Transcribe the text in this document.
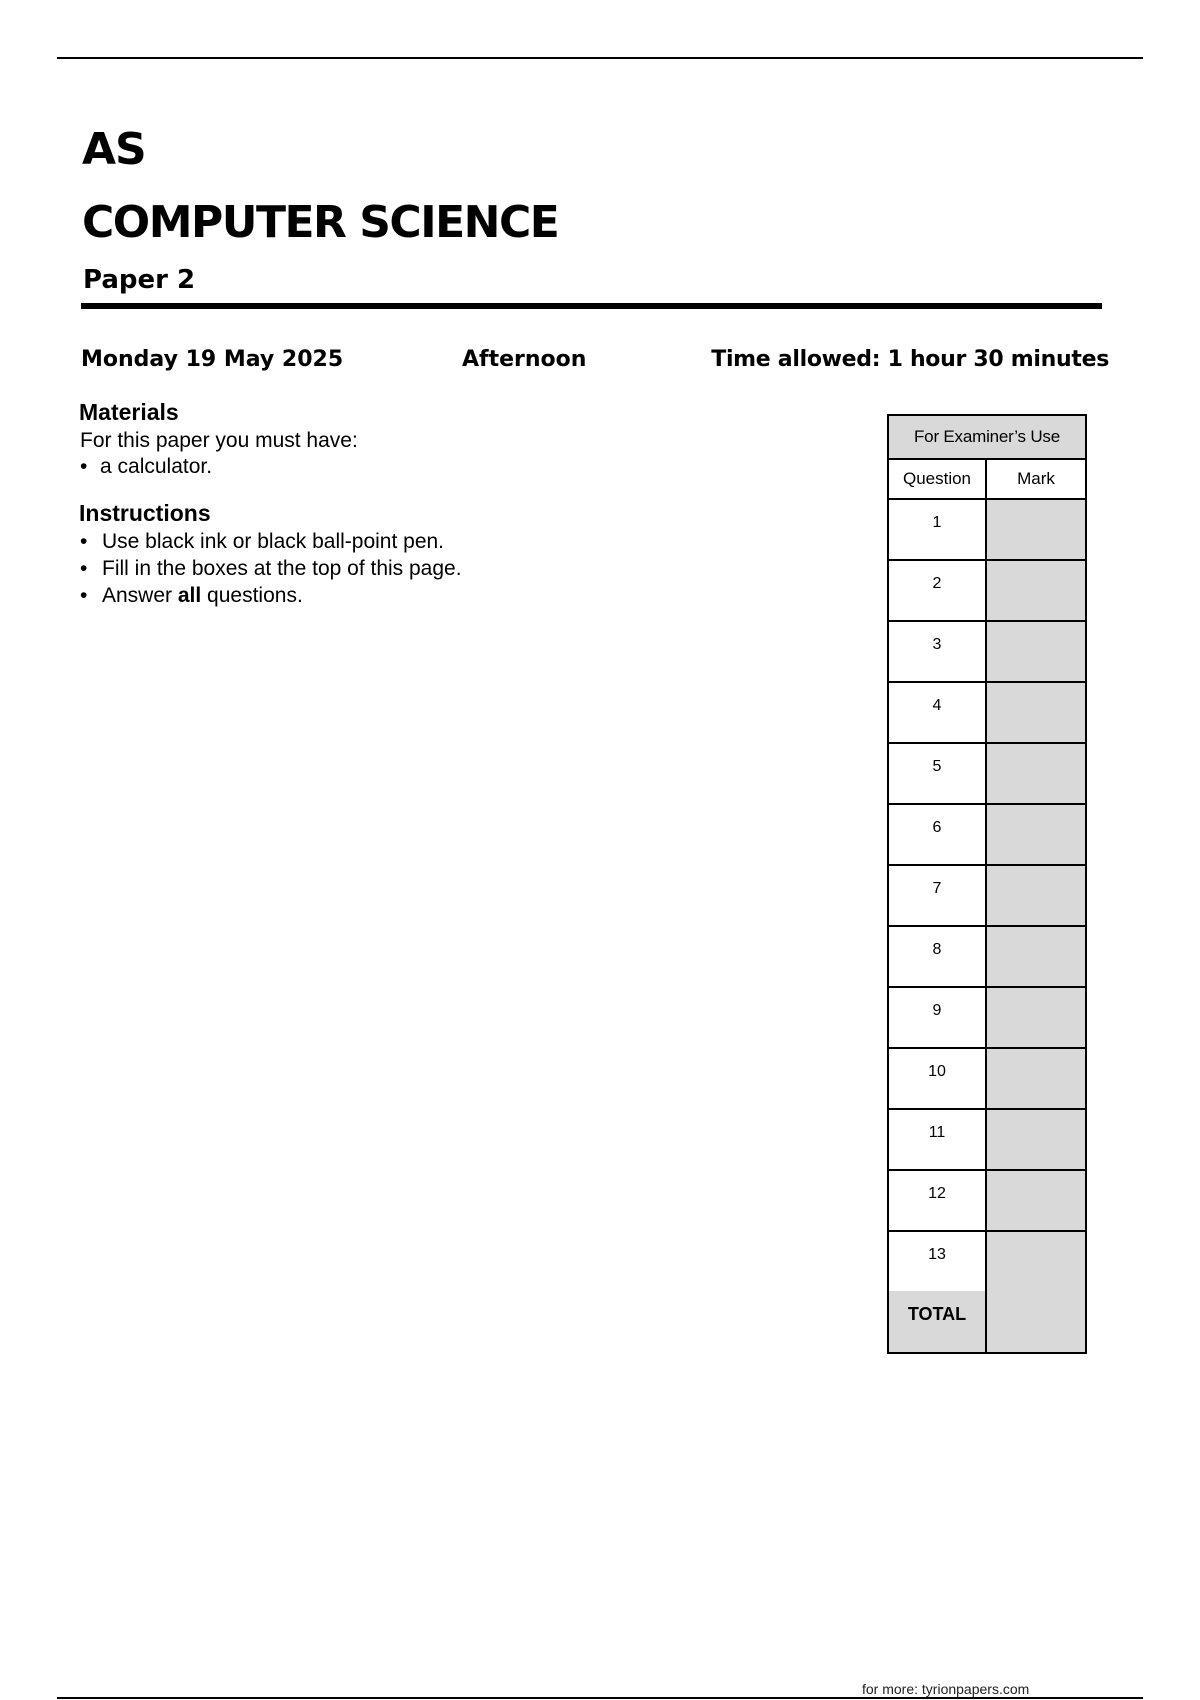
AS
COMPUTER SCIENCE
Paper 2
Monday 19 May 2025	Afternoon	Time allowed: 1 hour 30 minutes
Materials
For this paper you must have:
• a calculator.
Instructions
• Use black ink or black ball-point pen.
• Fill in the boxes at the top of this page.
• Answer all questions.
For Examiner’s Use
Question	Mark
1
2
3
4
5
6
7
8
9
10
11
12
13
TOTAL
for more: tyrionpapers.com
